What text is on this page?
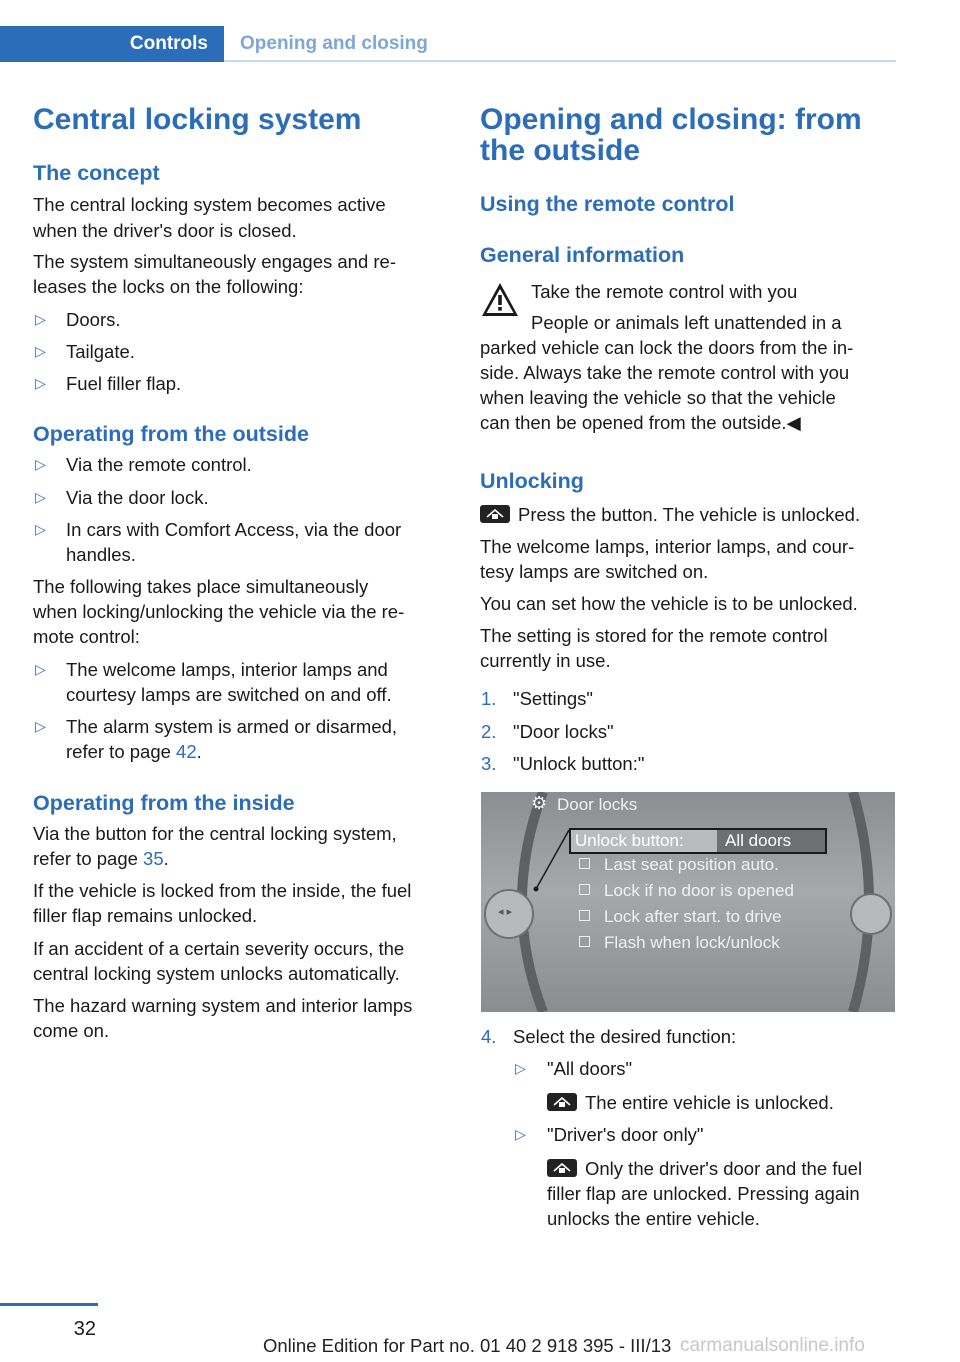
Controls	Opening and closing
Central locking system
The concept

The central locking system becomes active when the driver's door is closed.

The system simultaneously engages and re-
leases the locks on the following:
▷ Doors.
▷ Tailgate.
▷ Fuel filler flap.
Operating from the outside
▷ Via the remote control.
▷ Via the door lock.
▷ In cars with Comfort Access, via the door
handles.
The following takes place simultaneously
when locking/unlocking the vehicle via the re-
mote control:
▷ The welcome lamps, interior lamps and
courtesy lamps are switched on and off.
▷ The alarm system is armed or disarmed,
refer to page 42.
Operating from the inside
Via the button for the central locking system,
refer to page 35.
If the vehicle is locked from the inside, the fuel
filler flap remains unlocked.
If an accident of a certain severity occurs, the
central locking system unlocks automatically.
The hazard warning system and interior lamps
come on.
Opening and closing: from
the outside
Using the remote control
General information
Take the remote control with you
People or animals left unattended in a
parked vehicle can lock the doors from the in-
side. Always take the remote control with you
when leaving the vehicle so that the vehicle
can then be opened from the outside.◀
Unlocking
Press the button. The vehicle is unlocked.
The welcome lamps, interior lamps, and cour-
tesy lamps are switched on.
You can set how the vehicle is to be unlocked.
The setting is stored for the remote control
currently in use.
1. "Settings"
2. "Door locks"
3. "Unlock button:"
◂ ▸
⚙ Door locks
Unlock button:	All doors
Last seat position auto.
Lock if no door is opened
Lock after start. to drive
Flash when lock/unlock
4. Select the desired function:
▷ "All doors"
The entire vehicle is unlocked.
▷ "Driver's door only"
Only the driver's door and the fuel
filler flap are unlocked. Pressing again
unlocks the entire vehicle.
32
Online Edition for Part no. 01 40 2 918 395 - III/13 carmanualsonline.info
